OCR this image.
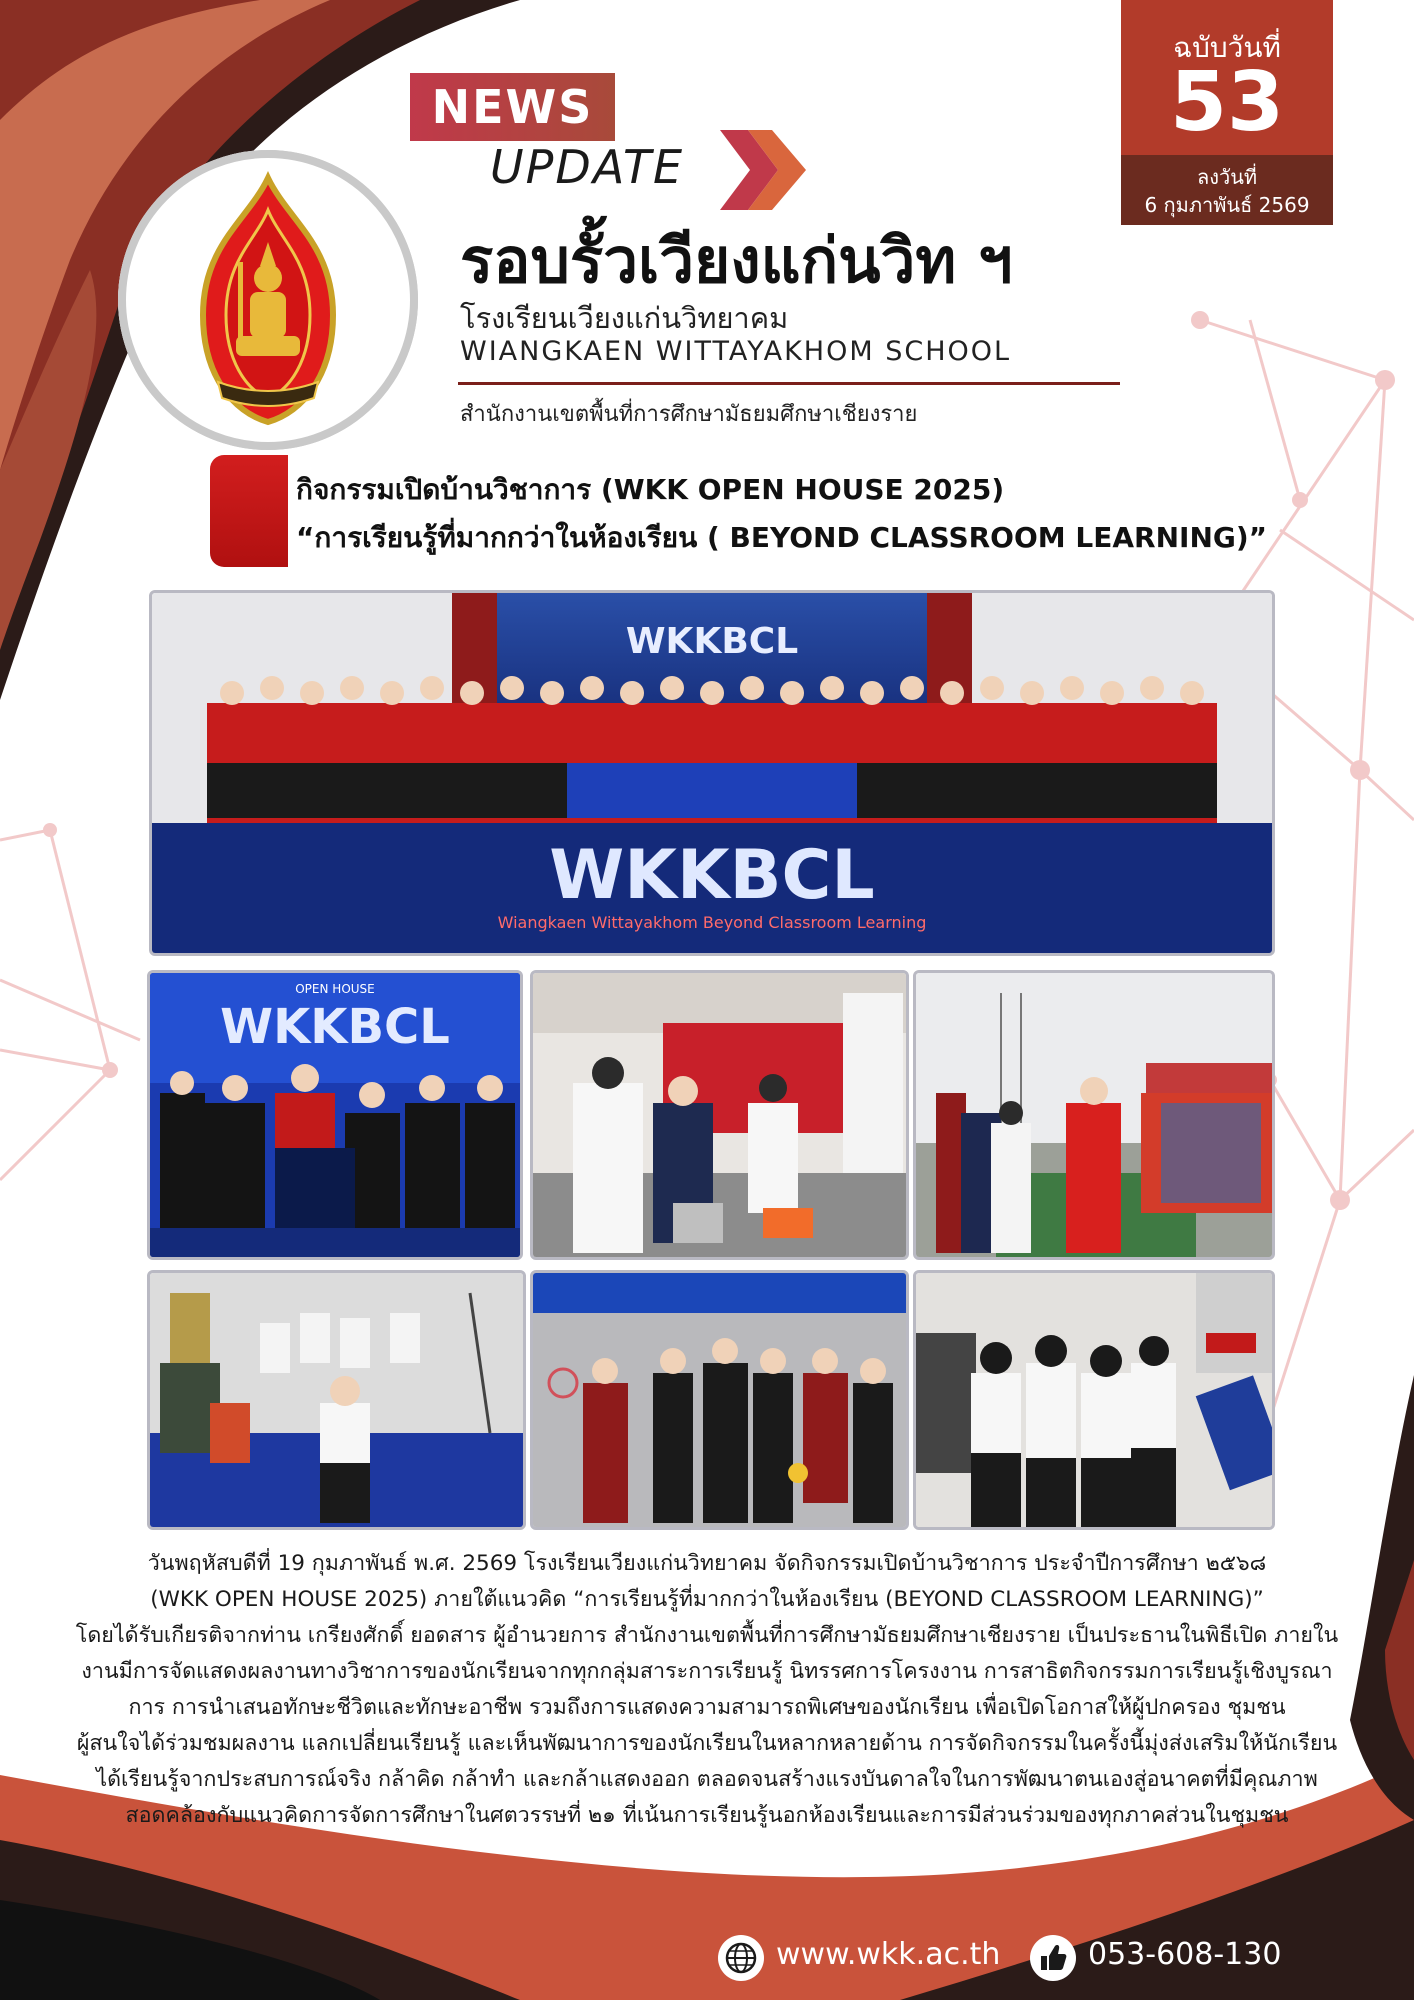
NEWS
UPDATE
ฉบับวันที่
53
ลงวันที่
6 กุมภาพันธ์ 2569
รอบรั้วเวียงแก่นวิท ฯ
โรงเรียนเวียงแก่นวิทยาคม
WIANGKAEN WITTAYAKHOM SCHOOL
สำนักงานเขตพื้นที่การศึกษามัธยมศึกษาเชียงราย
กิจกรรมเปิดบ้านวิชาการ (WKK OPEN HOUSE 2025)
“การเรียนรู้ที่มากกว่าในห้องเรียน ( BEYOND CLASSROOM LEARNING)”
WKKBCL
Wiangkaen Wittayakhom Beyond Classroom Learning
WKKBCL
OPEN HOUSE
WKKBCL
วันพฤหัสบดีที่ 19 กุมภาพันธ์ พ.ศ. 2569 โรงเรียนเวียงแก่นวิทยาคม จัดกิจกรรมเปิดบ้านวิชาการ ประจำปีการศึกษา ๒๕๖๘
(WKK OPEN HOUSE 2025) ภายใต้แนวคิด “การเรียนรู้ที่มากกว่าในห้องเรียน (BEYOND CLASSROOM LEARNING)”
โดยได้รับเกียรติจากท่าน เกรียงศักดิ์ ยอดสาร ผู้อำนวยการ สำนักงานเขตพื้นที่การศึกษามัธยมศึกษาเชียงราย เป็นประธานในพิธีเปิด ภายใน
งานมีการจัดแสดงผลงานทางวิชาการของนักเรียนจากทุกกลุ่มสาระการเรียนรู้ นิทรรศการโครงงาน การสาธิตกิจกรรมการเรียนรู้เชิงบูรณา
การ การนำเสนอทักษะชีวิตและทักษะอาชีพ รวมถึงการแสดงความสามารถพิเศษของนักเรียน เพื่อเปิดโอกาสให้ผู้ปกครอง ชุมชน
ผู้สนใจได้ร่วมชมผลงาน แลกเปลี่ยนเรียนรู้ และเห็นพัฒนาการของนักเรียนในหลากหลายด้าน การจัดกิจกรรมในครั้งนี้มุ่งส่งเสริมให้นักเรียน
ได้เรียนรู้จากประสบการณ์จริง กล้าคิด กล้าทำ และกล้าแสดงออก ตลอดจนสร้างแรงบันดาลใจในการพัฒนาตนเองสู่อนาคตที่มีคุณภาพ
สอดคล้องกับแนวคิดการจัดการศึกษาในศตวรรษที่ ๒๑ ที่เน้นการเรียนรู้นอกห้องเรียนและการมีส่วนร่วมของทุกภาคส่วนในชุมชน
www.wkk.ac.th	053-608-130
